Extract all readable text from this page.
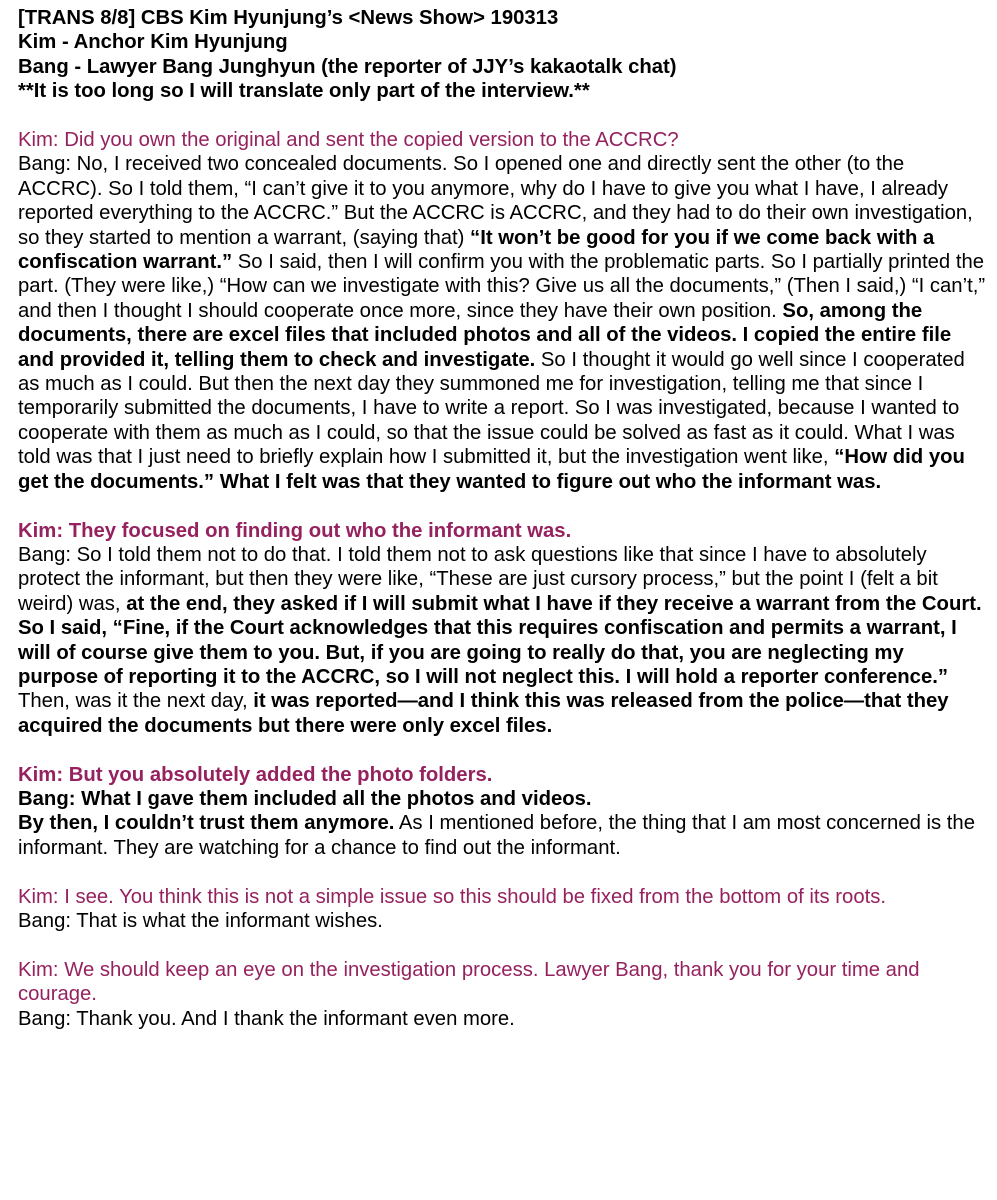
[TRANS 8/8] CBS Kim Hyunjung’s <News Show> 190313
Kim - Anchor Kim Hyunjung
Bang - Lawyer Bang Junghyun (the reporter of JJY’s kakaotalk chat)
**It is too long so I will translate only part of the interview.**

Kim: Did you own the original and sent the copied version to the ACCRC?

Bang: No, I received two concealed documents. So I opened one and directly sent the other (to the ACCRC). So I told them, “I can’t give it to you anymore, why do I have to give you what I have, I already reported everything to the ACCRC.” But the ACCRC is ACCRC, and they had to do their own investigation, so they started to mention a warrant, (saying that) “It won’t be good for you if we come back with a confiscation warrant.” So I said, then I will confirm you with the problematic parts. So I partially printed the part. (They were like,) “How can we investigate with this? Give us all the documents,” (Then I said,) “I can’t,” and then I thought I should cooperate once more, since they have their own position. So, among the documents, there are excel files that included photos and all of the videos. I copied the entire file and provided it, telling them to check and investigate. So I thought it would go well since I cooperated as much as I could. But then the next day they summoned me for investigation, telling me that since I temporarily submitted the documents, I have to write a report. So I was investigated, because I wanted to cooperate with them as much as I could, so that the issue could be solved as fast as it could. What I was told was that I just need to briefly explain how I submitted it, but the investigation went like, “How did you get the documents.” What I felt was that they wanted to figure out who the informant was.

Kim: They focused on finding out who the informant was.

Bang: So I told them not to do that. I told them not to ask questions like that since I have to absolutely protect the informant, but then they were like, “These are just cursory process,” but the point I (felt a bit weird) was, at the end, they asked if I will submit what I have if they receive a warrant from the Court. So I said, “Fine, if the Court acknowledges that this requires confiscation and permits a warrant, I will of course give them to you. But, if you are going to really do that, you are neglecting my purpose of reporting it to the ACCRC, so I will not neglect this. I will hold a reporter conference.” Then, was it the next day, it was reported—and I think this was released from the police—that they acquired the documents but there were only excel files.

Kim: But you absolutely added the photo folders.

Bang: What I gave them included all the photos and videos.

By then, I couldn’t trust them anymore. As I mentioned before, the thing that I am most concerned is the informant. They are watching for a chance to find out the informant.

Kim: I see. You think this is not a simple issue so this should be fixed from the bottom of its roots.

Bang: That is what the informant wishes.

Kim: We should keep an eye on the investigation process. Lawyer Bang, thank you for your time and courage.

Bang: Thank you. And I thank the informant even more.
